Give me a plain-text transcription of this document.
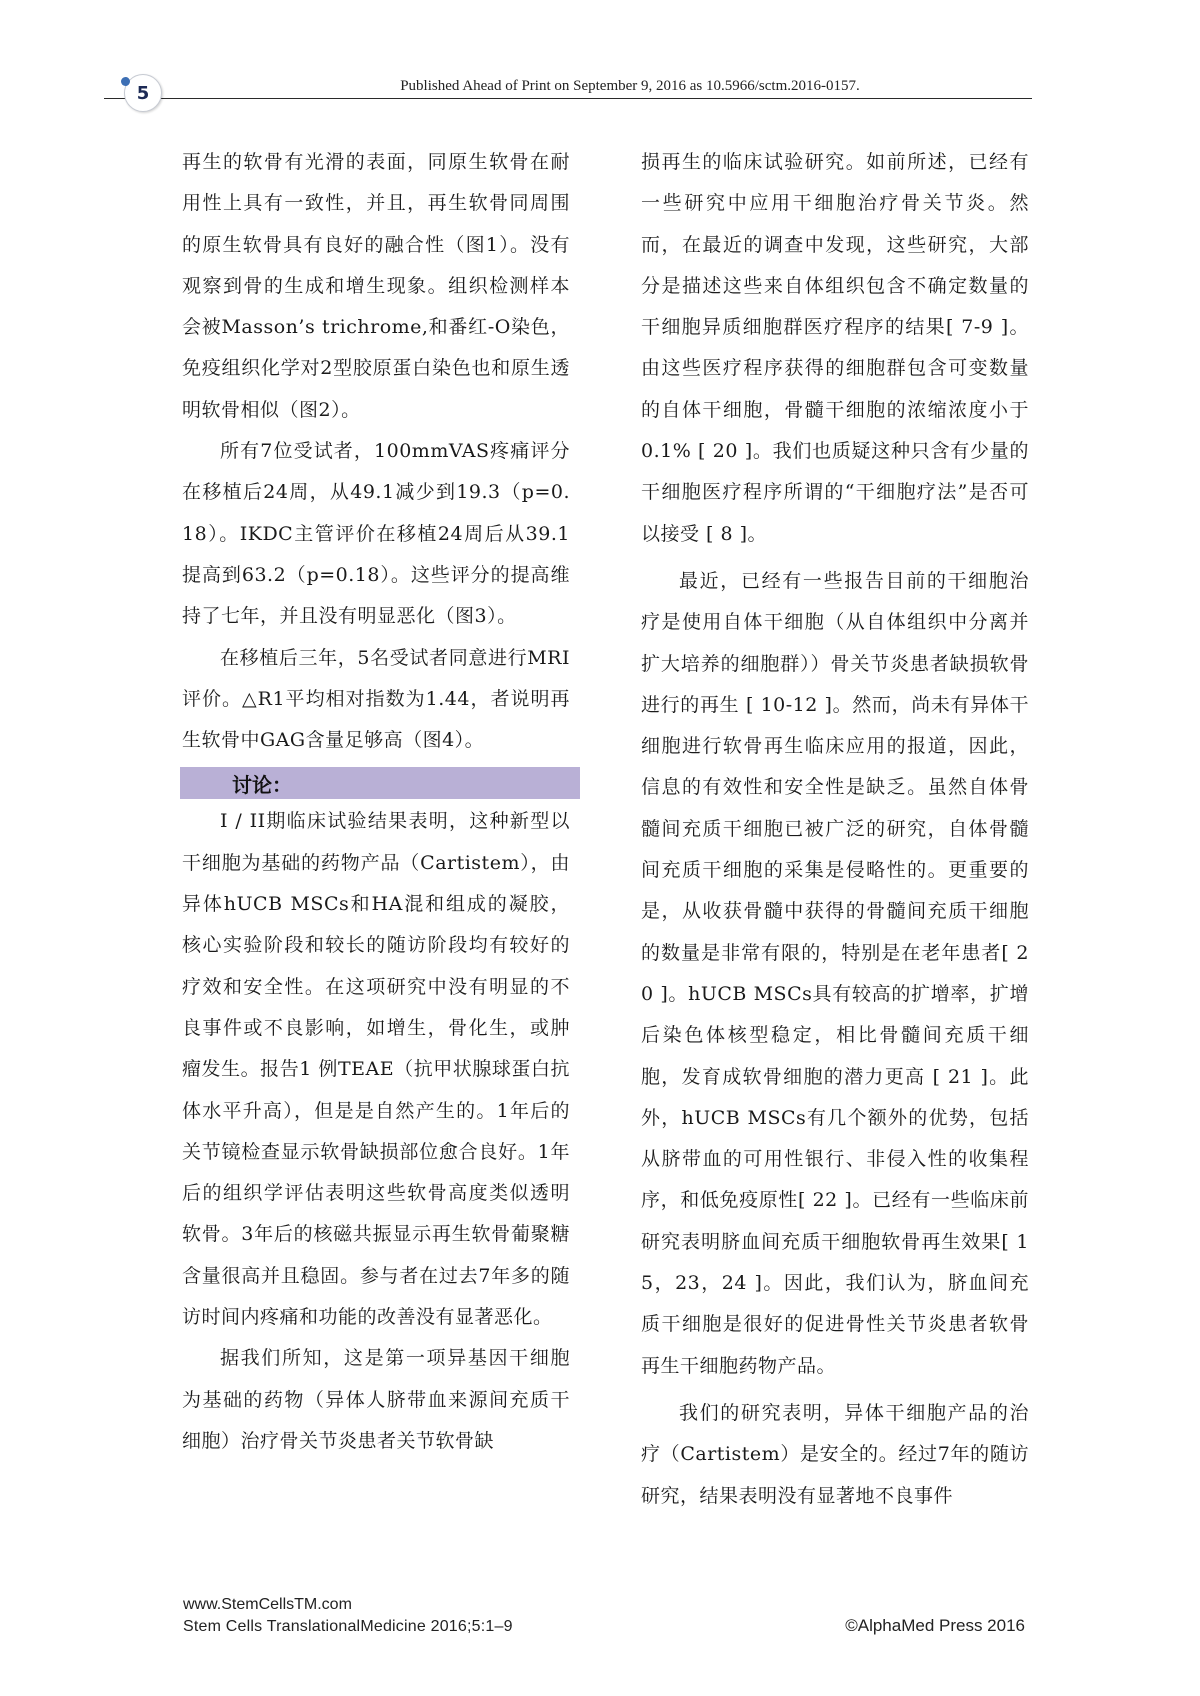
5	Published Ahead of Print on September 9, 2016 as 10.5966/sctm.2016-0157.

再生的软骨有光滑的表面，同原生软骨在耐用性上具有一致性，并且，再生软骨同周围的原生软骨具有良好的融合性（图1）。没有观察到骨的生成和增生现象。组织检测样本会被Masson’s trichrome,和番红-O染色，免疫组织化学对2型胶原蛋白染色也和原生透明软骨相似（图2）。

所有7位受试者，100mmVAS疼痛评分在移植后24周，从49.1减少到19.3（p=0.18）。IKDC主管评价在移植24周后从39.1提高到63.2（p=0.18）。这些评分的提高维持了七年，并且没有明显恶化（图3）。

在移植后三年，5名受试者同意进行MRI评价。△R1平均相对指数为1.44，者说明再生软骨中GAG含量足够高（图4）。

讨论：

I / II期临床试验结果表明，这种新型以干细胞为基础的药物产品（Cartistem），由异体hUCB MSCs和HA混和组成的凝胶，核心实验阶段和较长的随访阶段均有较好的疗效和安全性。在这项研究中没有明显的不良事件或不良影响，如增生，骨化生，或肿瘤发生。报告1 例TEAE（抗甲状腺球蛋白抗体水平升高），但是是自然产生的。1年后的关节镜检查显示软骨缺损部位愈合良好。1年后的组织学评估表明这些软骨高度类似透明软骨。3年后的核磁共振显示再生软骨葡聚糖含量很高并且稳固。参与者在过去7年多的随访时间内疼痛和功能的改善没有显著恶化。

据我们所知，这是第一项异基因干细胞为基础的药物（异体人脐带血来源间充质干细胞）治疗骨关节炎患者关节软骨缺

损再生的临床试验研究。如前所述，已经有一些研究中应用干细胞治疗骨关节炎。然而，在最近的调查中发现，这些研究，大部分是描述这些来自体组织包含不确定数量的干细胞异质细胞群医疗程序的结果[ 7-9 ]。由这些医疗程序获得的细胞群包含可变数量的自体干细胞，骨髓干细胞的浓缩浓度小于0.1% [ 20 ]。我们也质疑这种只含有少量的干细胞医疗程序所谓的“干细胞疗法”是否可以接受 [ 8 ]。

最近，已经有一些报告目前的干细胞治疗是使用自体干细胞（从自体组织中分离并扩大培养的细胞群））骨关节炎患者缺损软骨进行的再生 [ 10-12 ]。然而，尚未有异体干细胞进行软骨再生临床应用的报道，因此，信息的有效性和安全性是缺乏。虽然自体骨髓间充质干细胞已被广泛的研究，自体骨髓间充质干细胞的采集是侵略性的。更重要的是，从收获骨髓中获得的骨髓间充质干细胞的数量是非常有限的，特别是在老年患者[ 20 ]。hUCB MSCs具有较高的扩增率，扩增后染色体核型稳定，相比骨髓间充质干细胞，发育成软骨细胞的潜力更高 [ 21 ]。此外，hUCB MSCs有几个额外的优势，包括从脐带血的可用性银行、非侵入性的收集程序，和低免疫原性[ 22 ]。已经有一些临床前研究表明脐血间充质干细胞软骨再生效果[ 15，23，24 ]。因此，我们认为，脐血间充质干细胞是很好的促进骨性关节炎患者软骨再生干细胞药物产品。

我们的研究表明，异体干细胞产品的治疗（Cartistem）是安全的。经过7年的随访研究，结果表明没有显著地不良事件

www.StemCellsTM.com
Stem Cells TranslationalMedicine 2016;5:1–9	©AlphaMed Press 2016
